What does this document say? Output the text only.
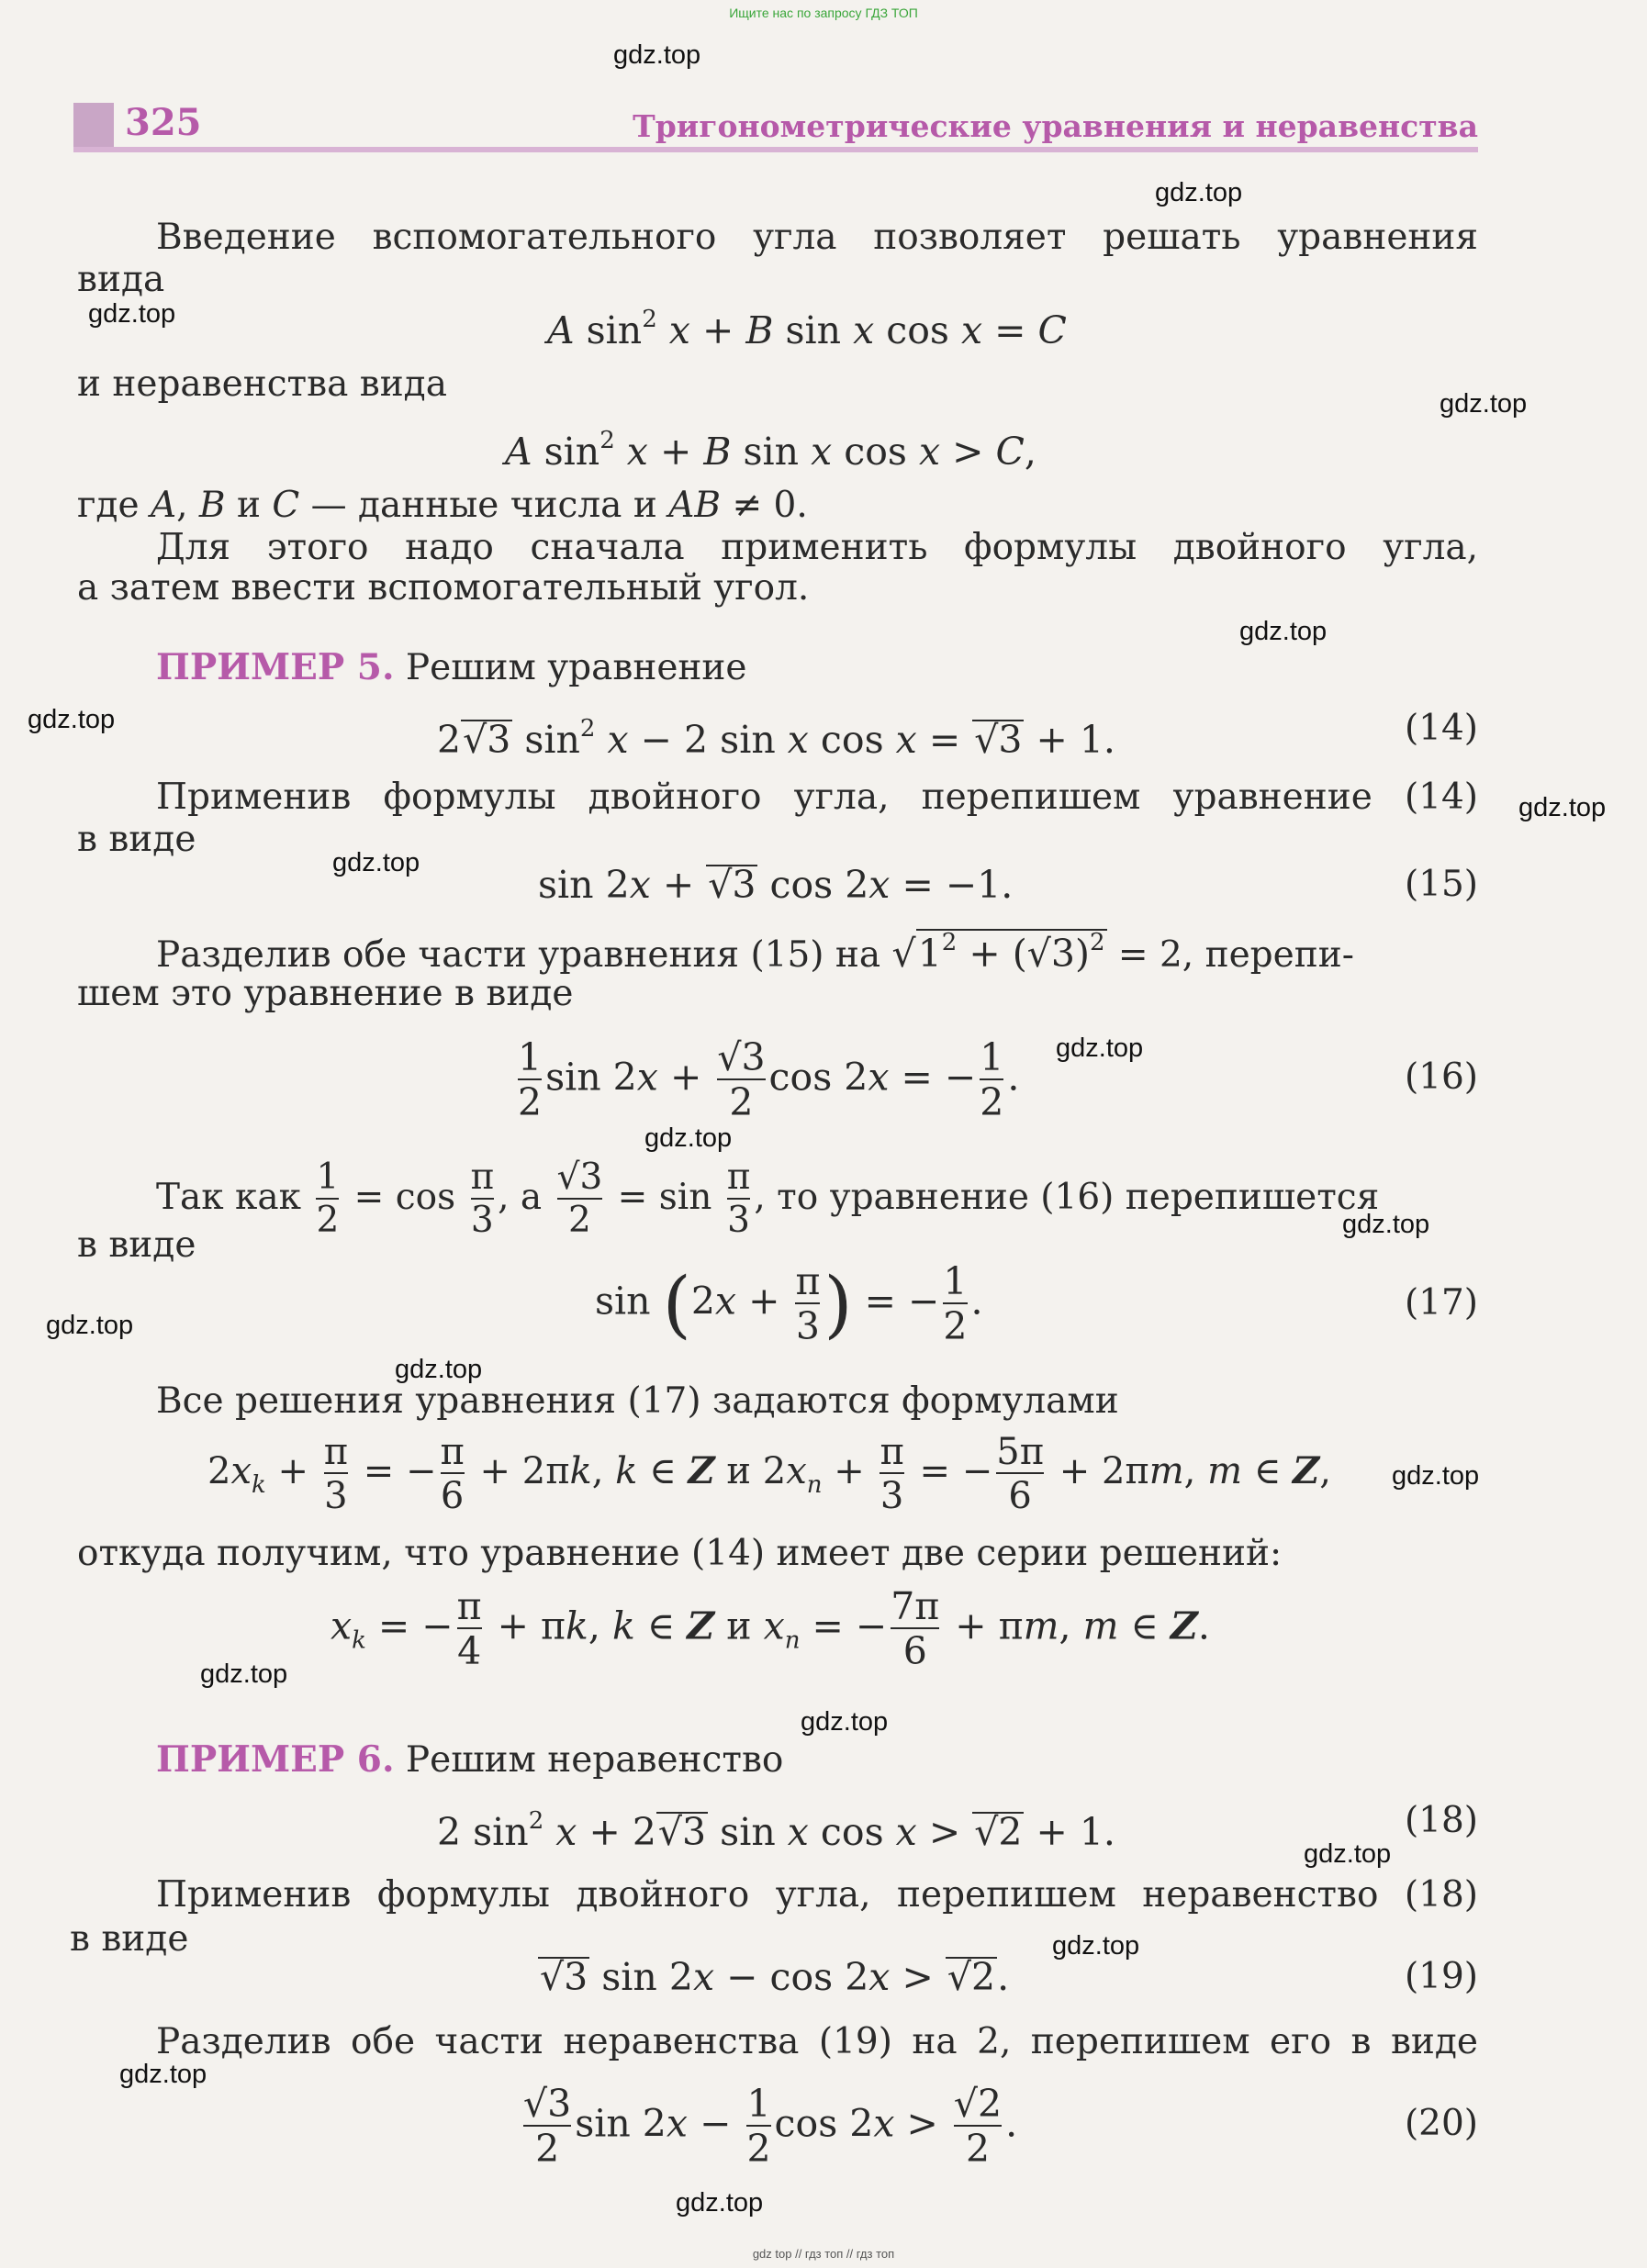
Ищите нас по запросу ГДЗ ТОП
gdz.top
gdz.top
gdz.top
gdz.top
gdz.top
gdz.top
gdz.top
gdz.top
gdz.top
gdz.top
gdz.top
gdz.top
gdz.top
gdz.top
gdz.top
gdz.top
gdz.top
gdz.top
gdz.top
gdz.top
325	Тригонометрические уравнения и неравенства
Введение вспомогательного угла позволяет решать уравнения
вида
A $\sin^2 x + B$ sin x cos x = C
и неравенства вида
A $\sin^2 x + B$ sin x cos x > C,
где A, B и C — данные числа и AB ≠ 0.
Для этого надо сначала применить формулы двойного угла,
а затем ввести вспомогательный угол.
ПРИМЕР 5. Решим уравнение
2√3 $\sin^2 x - 2$ sin x cos x = √3 + 1.	(14)
Применив формулы двойного угла, перепишем уравнение (14)
в виде
sin 2x + √3 cos 2x = −1.	(15)
Разделив обе части уравнения (15) на $√1^2 + (√3)^2 = 2$, перепи-
шем это уравнение в виде
$\frac{1}{2}$ $\sin 2x + \frac{√3}{2}$ cos 2x = − $\frac{1}{2}$ .	(16)
Так как $\frac{1}{2} = \cos \frac{\pi}{3}$ , а $\frac{√3}{2} = \sin \frac{\pi}{3}$ , то уравнение (16) перепишется
в виде
$\sin (2x + \frac{\pi}{3}$ ) = − $\frac{1}{2}$ .	(17)
Все решения уравнения (17) задаются формулами
$2x_k + \frac{\pi}{3}$ = − $\frac{\pi}{6} + 2\pi k$, k ∈ Z и $2x_n + \frac{\pi}{3}$ = − $\frac{5\pi}{6} + 2\pi m$, m ∈ Z,
откуда получим, что уравнение (14) имеет две серии решений:
$x_k$ = − $\frac{\pi}{4} + \pi k$, k ∈ Z и $x_n$ = − $\frac{7\pi}{6} + \pi m$, m ∈ Z.
ПРИМЕР 6. Решим неравенство
2 $\sin^2 x + 2√3$ sin x cos x > √2 + 1.	(18)
Применив формулы двойного угла, перепишем неравенство (18)
в виде
√3 sin 2x − cos 2x > √2.	(19)
Разделив обе части неравенства (19) на 2, перепишем его в виде
$\frac{√3}{2}$ $\sin 2x - \frac{1}{2}$ $\cos 2x > \frac{√2}{2}$ .	(20)
gdz top // гдз топ // гдз топ
